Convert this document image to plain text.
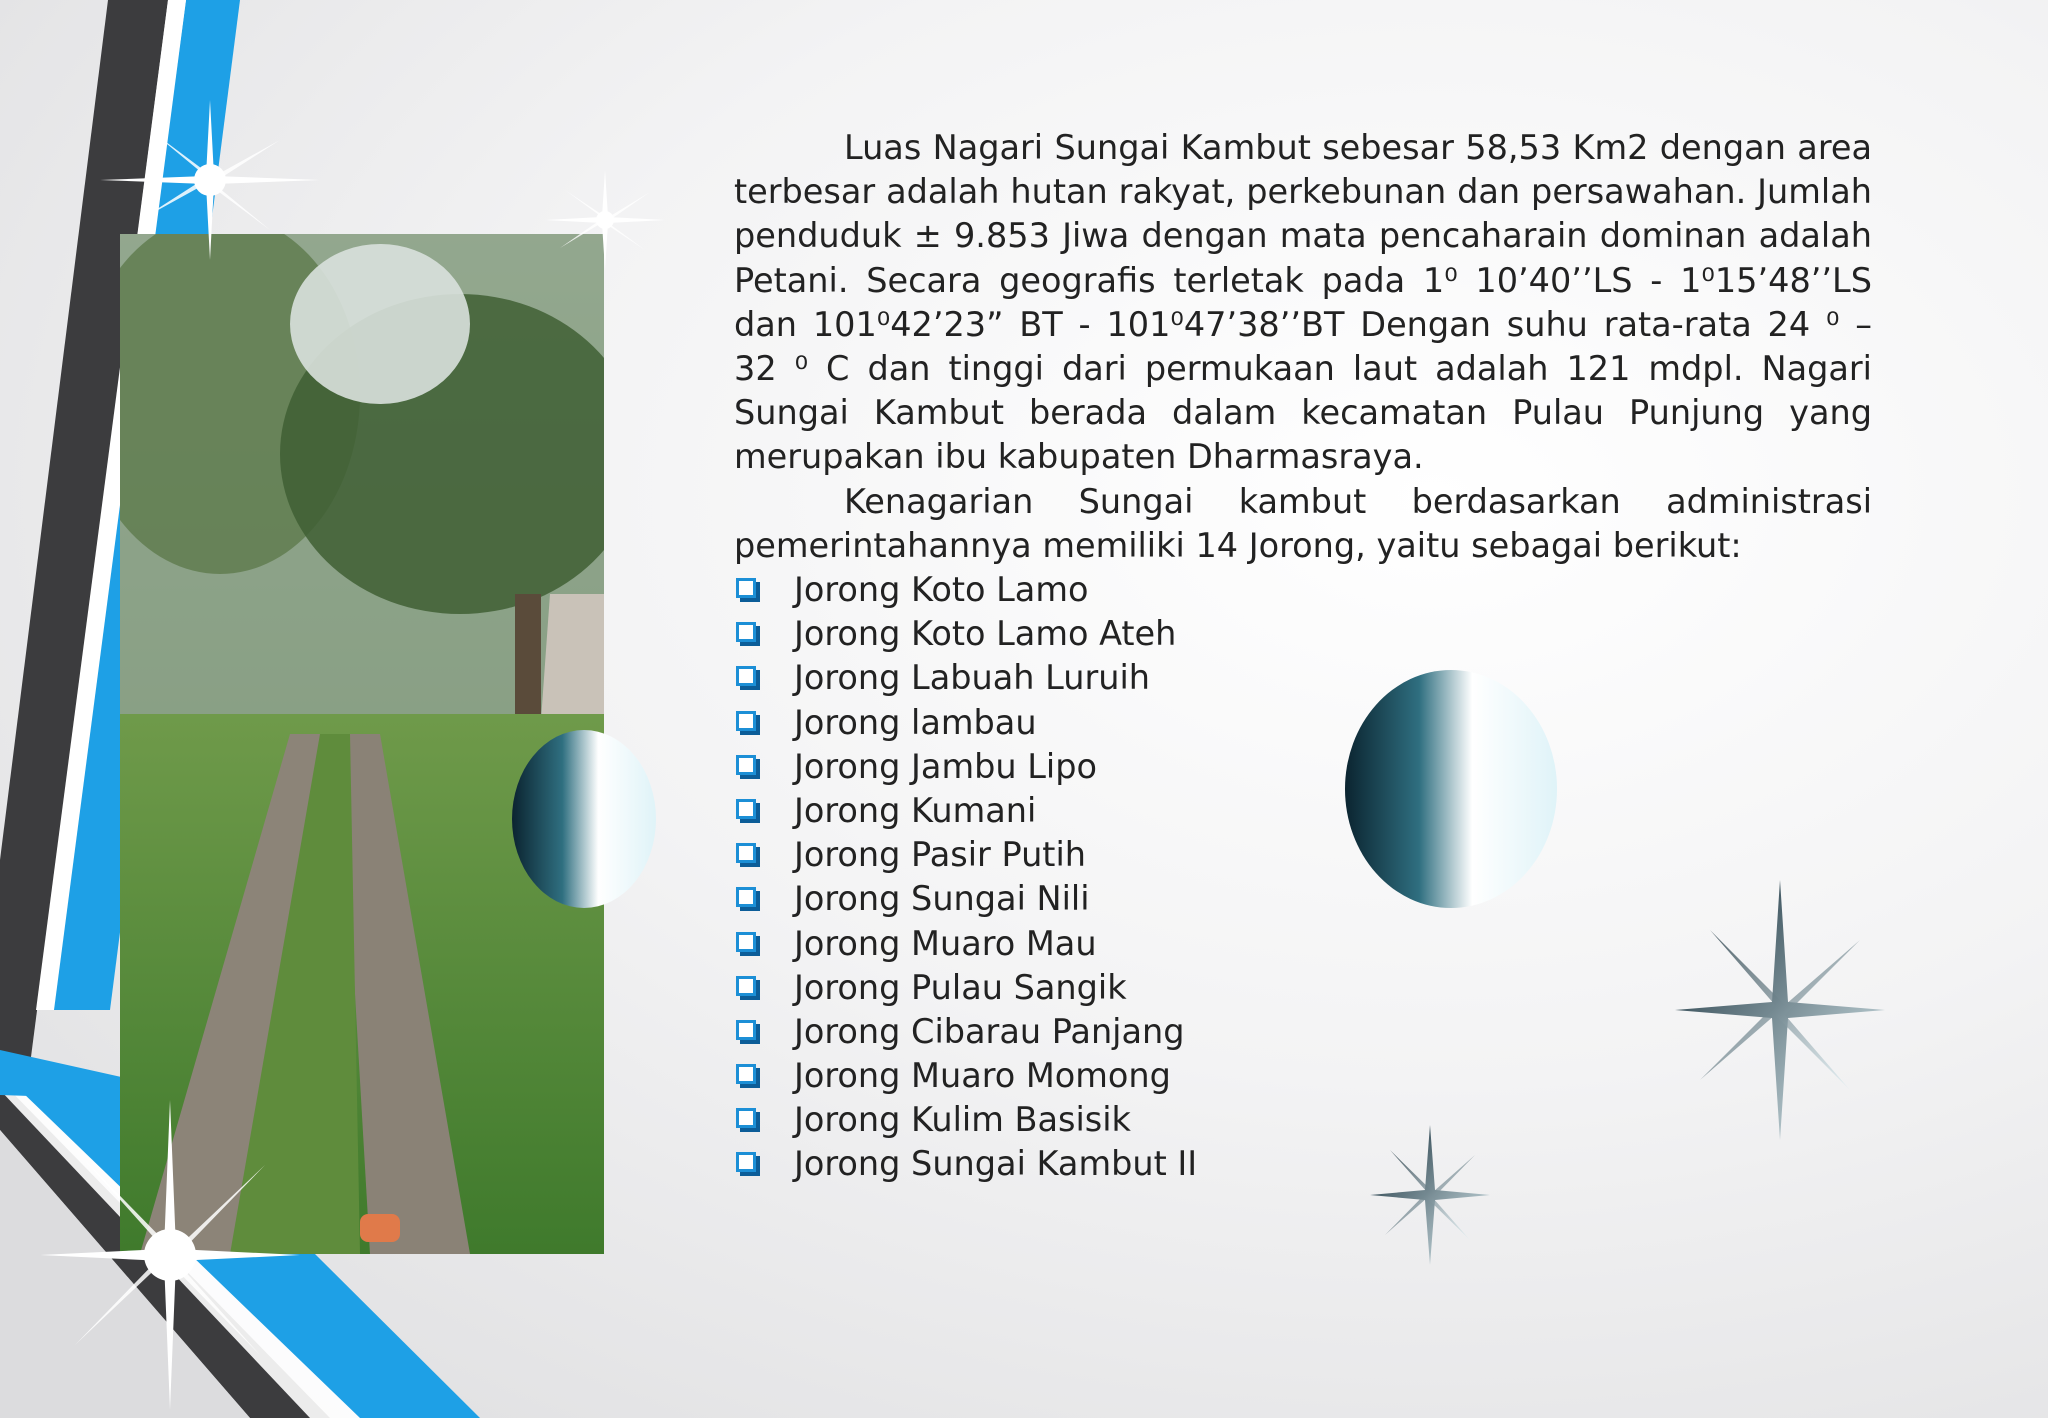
Luas Nagari Sungai Kambut sebesar 58,53 Km2 dengan area terbesar adalah hutan rakyat, perkebunan dan persawahan. Jumlah penduduk ± 9.853 Jiwa dengan mata pencaharain dominan adalah Petani. Secara geografis terletak pada 1⁰ 10’40’’LS - 1⁰15’48’’LS dan 101⁰42’23” BT - 101⁰47’38’’BT Dengan suhu rata-rata 24 ⁰ – 32 ⁰ C dan tinggi dari permukaan laut adalah 121 mdpl. Nagari Sungai Kambut berada dalam kecamatan Pulau Punjung yang merupakan ibu kabupaten Dharmasraya.

Kenagarian Sungai kambut berdasarkan administrasi pemerintahannya memiliki 14 Jorong, yaitu sebagai berikut:

Jorong Koto Lamo
Jorong Koto Lamo Ateh
Jorong Labuah Luruih
Jorong lambau
Jorong Jambu Lipo
Jorong Kumani
Jorong Pasir Putih
Jorong Sungai Nili
Jorong Muaro Mau
Jorong Pulau Sangik
Jorong Cibarau Panjang
Jorong Muaro Momong
Jorong Kulim Basisik
Jorong Sungai Kambut II
